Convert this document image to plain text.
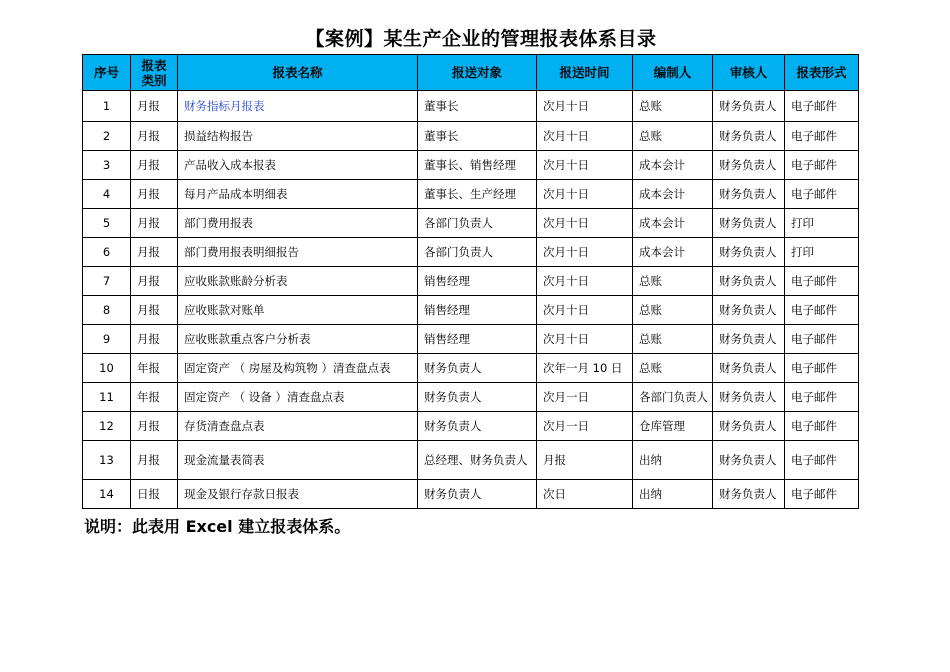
【案例】某生产企业的管理报表体系目录
序号	报表类别	报表名称	报送对象	报送时间	编制人	审核人	报表形式
1	月报	财务指标月报表	董事长	次月十日	总账	财务负责人	电子邮件
2	月报	损益结构报告	董事长	次月十日	总账	财务负责人	电子邮件
3	月报	产品收入成本报表	董事长、销售经理	次月十日	成本会计	财务负责人	电子邮件
4	月报	每月产品成本明细表	董事长、生产经理	次月十日	成本会计	财务负责人	电子邮件
5	月报	部门费用报表	各部门负责人	次月十日	成本会计	财务负责人	打印
6	月报	部门费用报表明细报告	各部门负责人	次月十日	成本会计	财务负责人	打印
7	月报	应收账款账龄分析表	销售经理	次月十日	总账	财务负责人	电子邮件
8	月报	应收账款对账单	销售经理	次月十日	总账	财务负责人	电子邮件
9	月报	应收账款重点客户分析表	销售经理	次月十日	总账	财务负责人	电子邮件
10	年报	固定资产 （ 房屋及构筑物 ）清查盘点表	财务负责人	次年一月 10 日	总账	财务负责人	电子邮件
11	年报	固定资产 （ 设备 ）清查盘点表	财务负责人	次月一日	各部门负责人	财务负责人	电子邮件
12	月报	存货清查盘点表	财务负责人	次月一日	仓库管理	财务负责人	电子邮件
13	月报	现金流量表简表	总经理、财务负责人	月报	出纳	财务负责人	电子邮件
14	日报	现金及银行存款日报表	财务负责人	次日	出纳	财务负责人	电子邮件
说明：此表用 Excel 建立报表体系。
